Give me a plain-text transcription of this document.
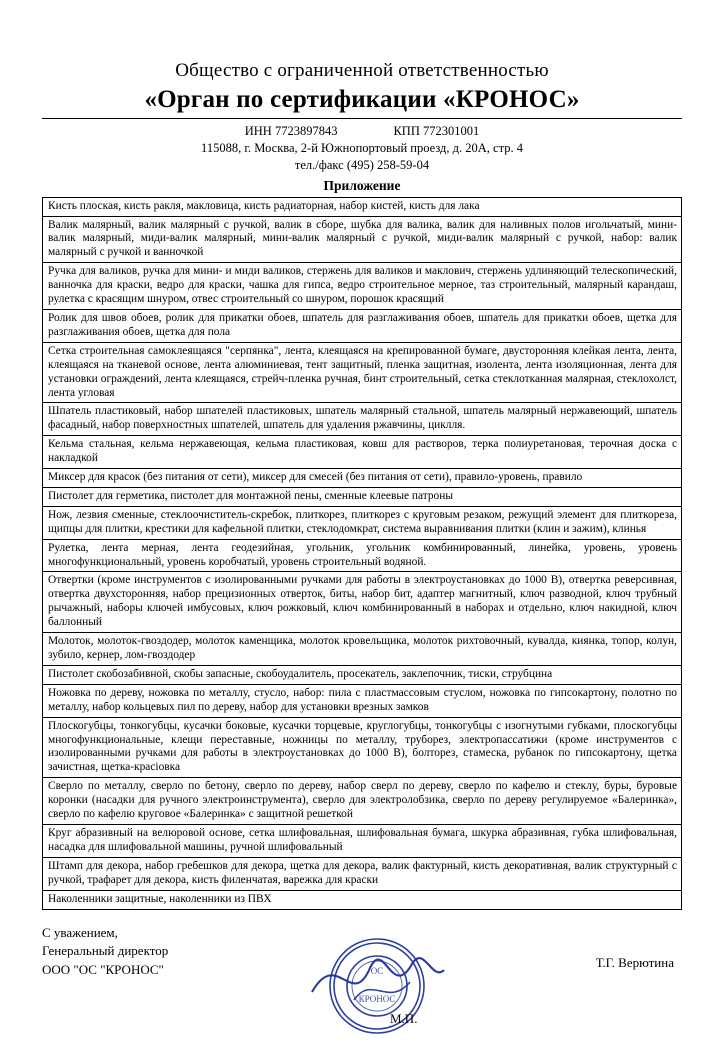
Общество с ограниченной ответственностью
«Орган по сертификации «КРОНОС»
ИНН 7723897843	КПП 772301001
115088, г. Москва, 2-й Южнопортовый проезд, д. 20А, стр. 4
тел./факс (495) 258-59-04
Приложение
Кисть плоская, кисть ракля, макловица, кисть радиаторная, набор кистей, кисть для лака
Валик малярный, валик малярный с ручкой, валик в сборе, шубка для валика, валик для наливных полов игольчатый, мини-валик малярный, миди-валик малярный, мини-валик малярный с ручкой, миди-валик малярный с ручкой, набор: валик малярный с ручкой и ванночкой
Ручка для валиков, ручка для мини- и миди валиков, стержень для валиков и маклович, стержень удлиняющий телескопический, ванночка для краски, ведро для краски, чашка для гипса, ведро строительное мерное, таз строительный, малярный карандаш, рулетка с красящим шнуром, отвес строительный со шнуром, порошок красящий
Ролик для швов обоев, ролик для прикатки обоев, шпатель для разглаживания обоев, шпатель для прикатки обоев, щетка для разглаживания обоев, щетка для пола
Сетка строительная самоклеящаяся "серпянка", лента, клеящаяся на крепированной бумаге, двусторонняя клейкая лента, лента, клеящаяся на тканевой основе, лента алюминиевая, тент защитный, пленка защитная, изолента, лента изоляционная, лента для установки ограждений, лента клеящаяся, стрейч-пленка ручная, бинт строительный, сетка стеклотканная малярная, стеклохолст, лента угловая
Шпатель пластиковый, набор шпателей пластиковых, шпатель малярный стальной, шпатель малярный нержавеющий, шпатель фасадный, набор поверхностных шпателей, шпатель для удаления ржавчины, циклля.
Кельма стальная, кельма нержавеющая, кельма пластиковая, ковш для растворов, терка полиуретановая, терочная доска с накладкой
Миксер для красок (без питания от сети), миксер для смесей (без питания от сети), правило-уровень, правило
Пистолет для герметика, пистолет для монтажной пены, сменные клеевые патроны
Нож, лезвия сменные, стеклоочиститель-скребок, плиткорез, плиткорез с круговым резаком, режущий элемент для плиткореза, щипцы для плитки, крестики для кафельной плитки, стеклодомкрат, система выравнивания плитки (клин и зажим), клинья
Рулетка, лента мерная, лента геодезийная, угольник, угольник комбинированный, линейка, уровень, уровень многофункциональный, уровень коробчатый, уровень строительный водяной.
Отвертки (кроме инструментов с изолированными ручками для работы в электроустановках до 1000 В), отвертка реверсивная, отвертка двухсторонняя, набор прецизионных отверток, биты, набор бит, адаптер магнитный, ключ разводной, ключ трубный рычажный, наборы ключей имбусовых, ключ рожковый, ключ комбинированный в наборах и отдельно, ключ накидной, ключ баллонный
Молоток, молоток-гвоздодер, молоток каменщика, молоток кровельщика, молоток рихтовочный, кувалда, киянка, топор, колун, зубило, кернер, лом-гвоздодер
Пистолет скобозабивной, скобы запасные, скобоудалитель, просекатель, заклепочник, тиски, струбцина
Ножовка по дереву, ножовка по металлу, стусло, набор: пила с пластмассовым стуслом, ножовка по гипсокартону, полотно по металлу, набор кольцевых пил по дереву, набор для установки врезных замков
Плоскогубцы, тонкогубцы, кусачки боковые, кусачки торцевые, круглогубцы, тонкогубцы с изогнутыми губками, плоскогубцы многофункциональные, клещи переставные, ножницы по металлу, труборез, электропассатижи (кроме инструментов с изолированными ручками для работы в электроустановках до 1000 В), болторез, стамеска, рубанок по гипсокартону, щетка зачистная, щетка-краciовка
Сверло по металлу, сверло по бетону, сверло по дереву, набор сверл по дереву, сверло по кафелю и стеклу, буры, буровые коронки (насадки для ручного электроинструмента), сверло для электролобзика, сверло по дереву регулируемое «Балеринка», сверло по кафелю круговое «Балеринка» с защитной решеткой
Круг абразивный на велюровой основе, сетка шлифовальная, шлифовальная бумага, шкурка абразивная, губка шлифовальная, насадка для шлифовальной машины, ручной шлифовальный
Штамп для декора, набор гребешков для декора, щетка для декора, валик фактурный, кисть декоративная, валик структурный с ручкой, трафарет для декора, кисть филенчатая, варежка для краски
Наколенники защитные, наколенники из ПВХ
С уважением,
Генеральный директор
ООО "ОС "КРОНОС"
Т.Г. Верютина
ОС
КРОНОС
М.П.
